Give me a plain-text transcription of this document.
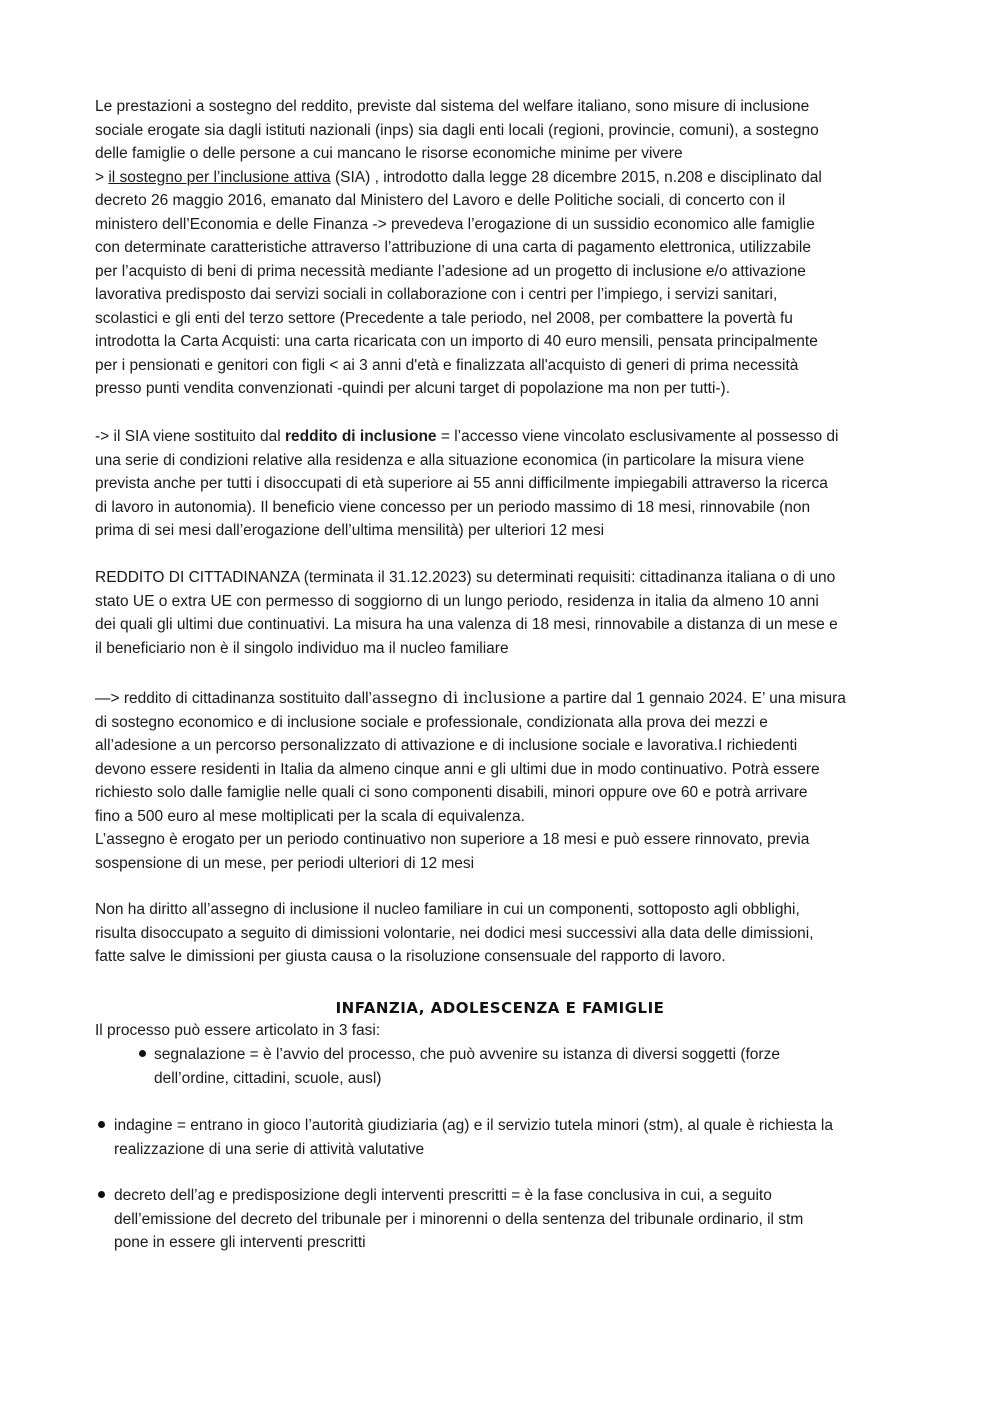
Le prestazioni a sostegno del reddito, previste dal sistema del welfare italiano, sono misure di inclusione
sociale erogate sia dagli istituti nazionali (inps) sia dagli enti locali (regioni, provincie, comuni), a sostegno
delle famiglie o delle persone a cui mancano le risorse economiche minime per vivere
> il sostegno per l’inclusione attiva (SIA) , introdotto dalla legge 28 dicembre 2015, n.208 e disciplinato dal
decreto 26 maggio 2016, emanato dal Ministero del Lavoro e delle Politiche sociali, di concerto con il
ministero dell’Economia e delle Finanza -> prevedeva l’erogazione di un sussidio economico alle famiglie
con determinate caratteristiche attraverso l’attribuzione di una carta di pagamento elettronica, utilizzabile
per l’acquisto di beni di prima necessità mediante l’adesione ad un progetto di inclusione e/o attivazione
lavorativa predisposto dai servizi sociali in collaborazione con i centri per l’impiego, i servizi sanitari,
scolastici e gli enti del terzo settore (Precedente a tale periodo, nel 2008, per combattere la povertà fu
introdotta la Carta Acquisti: una carta ricaricata con un importo di 40 euro mensili, pensata principalmente
per i pensionati e genitori con figli < ai 3 anni d'età e finalizzata all'acquisto di generi di prima necessità
presso punti vendita convenzionati -quindi per alcuni target di popolazione ma non per tutti-).
-> il SIA viene sostituito dal reddito di inclusione = l’accesso viene vincolato esclusivamente al possesso di
una serie di condizioni relative alla residenza e alla situazione economica (in particolare la misura viene
prevista anche per tutti i disoccupati di età superiore ai 55 anni difficilmente impiegabili attraverso la ricerca
di lavoro in autonomia). Il beneficio viene concesso per un periodo massimo di 18 mesi, rinnovabile (non
prima di sei mesi dall’erogazione dell’ultima mensilità) per ulteriori 12 mesi
REDDITO DI CITTADINANZA (terminata il 31.12.2023) su determinati requisiti: cittadinanza italiana o di uno
stato UE o extra UE con permesso di soggiorno di un lungo periodo, residenza in italia da almeno 10 anni
dei quali gli ultimi due continuativi. La misura ha una valenza di 18 mesi, rinnovabile a distanza di un mese e
il beneficiario non è il singolo individuo ma il nucleo familiare
—> reddito di cittadinanza sostituito dall’assegno di inclusione a partire dal 1 gennaio 2024. E’ una misura
di sostegno economico e di inclusione sociale e professionale, condizionata alla prova dei mezzi e
all’adesione a un percorso personalizzato di attivazione e di inclusione sociale e lavorativa.I richiedenti
devono essere residenti in Italia da almeno cinque anni e gli ultimi due in modo continuativo. Potrà essere
richiesto solo dalle famiglie nelle quali ci sono componenti disabili, minori oppure ove 60 e potrà arrivare
fino a 500 euro al mese moltiplicati per la scala di equivalenza.
L’assegno è erogato per un periodo continuativo non superiore a 18 mesi e può essere rinnovato, previa
sospensione di un mese, per periodi ulteriori di 12 mesi
Non ha diritto all’assegno di inclusione il nucleo familiare in cui un componenti, sottoposto agli obblighi,
risulta disoccupato a seguito di dimissioni volontarie, nei dodici mesi successivi alla data delle dimissioni,
fatte salve le dimissioni per giusta causa o la risoluzione consensuale del rapporto di lavoro.
INFANZIA, ADOLESCENZA E FAMIGLIE
Il processo può essere articolato in 3 fasi:
segnalazione = è l’avvio del processo, che può avvenire su istanza di diversi soggetti (forze
dell’ordine, cittadini, scuole, ausl)
indagine = entrano in gioco l’autorità giudiziaria (ag) e il servizio tutela minori (stm), al quale è richiesta la
realizzazione di una serie di attività valutative
decreto dell’ag e predisposizione degli interventi prescritti = è la fase conclusiva in cui, a seguito
dell’emissione del decreto del tribunale per i minorenni o della sentenza del tribunale ordinario, il stm
pone in essere gli interventi prescritti
